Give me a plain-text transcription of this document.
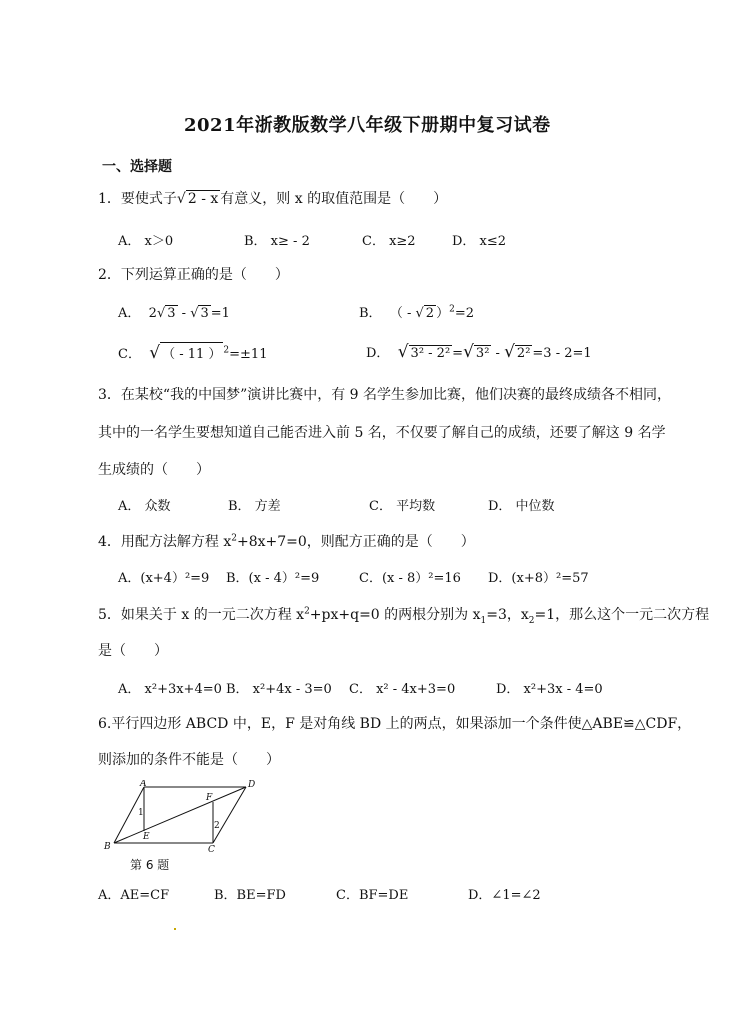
2021年浙教版数学八年级下册期中复习试卷
一、选择题
1．要使式子√ 2 - x 有意义，则 x 的取值范围是（　　）
A． x＞0	B． x≥ - 2	C． x≥2	D． x≤2
2．下列运算正确的是（　　）
A． 2√ 3 - √ 3 =1	B． （ - √ 2 ）$^2$=2
C． √ （ - 11 ） $^2$=±11	D． √ 3² - 2² =√ 3² - √ 2² =3 - 2=1
3．在某校“我的中国梦”演讲比赛中，有 9 名学生参加比赛，他们决赛的最终成绩各不相同，
其中的一名学生要想知道自己能否进入前 5 名，不仅要了解自己的成绩，还要了解这 9 名学
生成绩的（　　）
A． 众数	B． 方差	C． 平均数	D． 中位数
4．用配方法解方程 $x^2+8x+7=0$，则配方正确的是（　　）
A．(x+4）²=9 B．(x - 4）²=9	C．(x - 8）²=16 D．(x+8）²=57
5．如果关于 x 的一元二次方程 $x^2+px+q=0$ 的两根分别为 $x_1=3$，$x_2=1$，那么这个一元二次方程
是（　　）
A． x²+3x+4=0 B． x²+4x - 3=0 C． x² - 4x+3=0	D． x²+3x - 4=0
6.平行四边形 ABCD 中，E，F 是对角线 BD 上的两点，如果添加一个条件使△ABE≌△CDF，
则添加的条件不能是（　　）
A	D
B	C
E
F
1
2
第 6 题
A．AE=CF	B．BE=FD	C．BF=DE	D．∠1=∠2
